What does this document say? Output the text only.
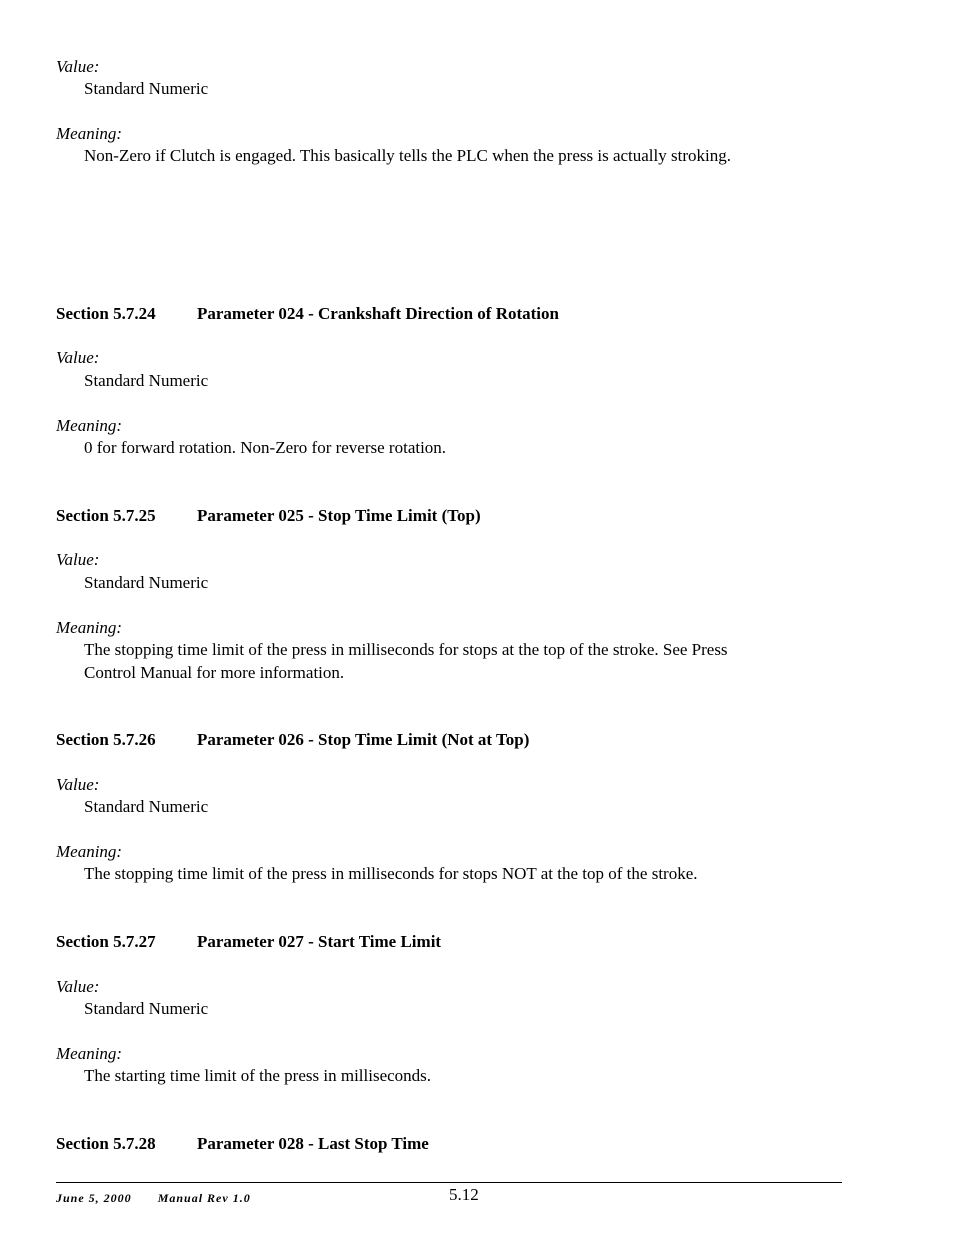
Value:
Standard Numeric
Meaning:
Non-Zero if Clutch is engaged. This basically tells the PLC when the press is actually stroking.
Section 5.7.24 Parameter 024 - Crankshaft Direction of Rotation
Value:
Standard Numeric
Meaning:
0 for forward rotation. Non-Zero for reverse rotation.
Section 5.7.25 Parameter 025 - Stop Time Limit (Top)
Value:
Standard Numeric
Meaning:
The stopping time limit of the press in milliseconds for stops at the top of the stroke. See Press
Control Manual for more information.
Section 5.7.26 Parameter 026 - Stop Time Limit (Not at Top)
Value:
Standard Numeric
Meaning:
The stopping time limit of the press in milliseconds for stops NOT at the top of the stroke.
Section 5.7.27 Parameter 027 - Start Time Limit
Value:
Standard Numeric
Meaning:
The starting time limit of the press in milliseconds.
Section 5.7.28 Parameter 028 - Last Stop Time
June 5, 2000 Manual Rev 1.0	5.12
